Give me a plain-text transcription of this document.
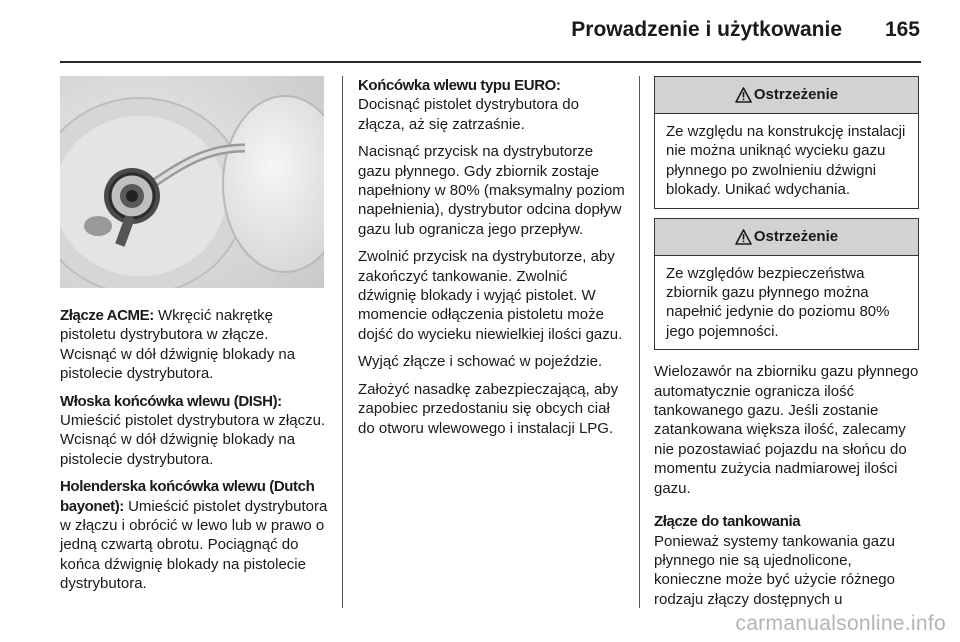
Prowadzenie i użytkowanie 165

Złącze ACME: Wkręcić nakrętkę pistoletu dystrybutora w złącze. Wcisnąć w dół dźwignię blokady na pistolecie dystrybutora.

Włoska końcówka wlewu (DISH): Umieścić pistolet dystrybutora w złączu. Wcisnąć w dół dźwignię blokady na pistolecie dystrybutora.

Holenderska końcówka wlewu (Dutch bayonet): Umieścić pistolet dystrybutora w złączu i obrócić w lewo lub w prawo o jedną czwartą obrotu. Pociągnąć do końca dźwignię blokady na pistolecie dystrybutora.

Końcówka wlewu typu EURO: Docisnąć pistolet dystrybutora do złącza, aż się zatrzaśnie.

Nacisnąć przycisk na dystrybutorze gazu płynnego. Gdy zbiornik zostaje napełniony w 80% (maksymalny poziom napełnienia), dystrybutor odcina dopływ gazu lub ogranicza jego przepływ.

Zwolnić przycisk na dystrybutorze, aby zakończyć tankowanie. Zwolnić dźwignię blokady i wyjąć pistolet. W momencie odłączenia pistoletu może dojść do wycieku niewielkiej ilości gazu.

Wyjąć złącze i schować w pojeździe.

Założyć nasadkę zabezpieczającą, aby zapobiec przedostaniu się obcych ciał do otworu wlewowego i instalacji LPG.

Ostrzeżenie
Ze względu na konstrukcję instalacji nie można uniknąć wycieku gazu płynnego po zwolnieniu dźwigni blokady. Unikać wdychania.
Ostrzeżenie
Ze względów bezpieczeństwa zbiornik gazu płynnego można napełnić jedynie do poziomu 80% jego pojemności.

Wielozawór na zbiorniku gazu płynnego automatycznie ogranicza ilość tankowanego gazu. Jeśli zostanie zatankowana większa ilość, zalecamy nie pozostawiać pojazdu na słońcu do momentu zużycia nadmiarowej ilości gazu.

Złącze do tankowania
Ponieważ systemy tankowania gazu płynnego nie są ujednolicone, konieczne może być użycie różnego rodzaju złączy dostępnych u

carmanualsonline.info
